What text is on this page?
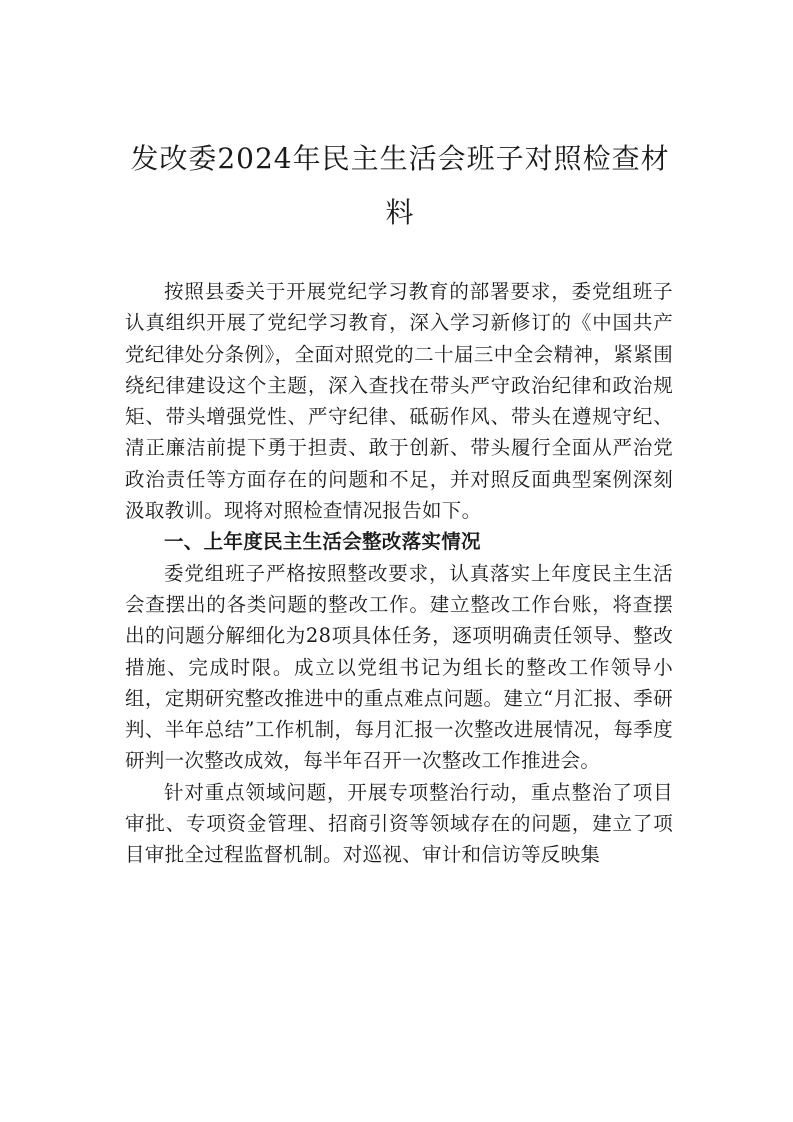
发改委2024年民主生活会班子对照检查材料

按照县委关于开展党纪学习教育的部署要求，委党组班子认真组织开展了党纪学习教育，深入学习新修订的《中国共产党纪律处分条例》，全面对照党的二十届三中全会精神，紧紧围绕纪律建设这个主题，深入查找在带头严守政治纪律和政治规矩、带头增强党性、严守纪律、砥砺作风、带头在遵规守纪、清正廉洁前提下勇于担责、敢于创新、带头履行全面从严治党政治责任等方面存在的问题和不足，并对照反面典型案例深刻汲取教训。现将对照检查情况报告如下。

一、上年度民主生活会整改落实情况

委党组班子严格按照整改要求，认真落实上年度民主生活会查摆出的各类问题的整改工作。建立整改工作台账，将查摆出的问题分解细化为28项具体任务，逐项明确责任领导、整改措施、完成时限。成立以党组书记为组长的整改工作领导小组，定期研究整改推进中的重点难点问题。建立“月汇报、季研判、半年总结”工作机制，每月汇报一次整改进展情况，每季度研判一次整改成效，每半年召开一次整改工作推进会。

针对重点领域问题，开展专项整治行动，重点整治了项目审批、专项资金管理、招商引资等领域存在的问题，建立了项目审批全过程监督机制。对巡视、审计和信访等反映集
